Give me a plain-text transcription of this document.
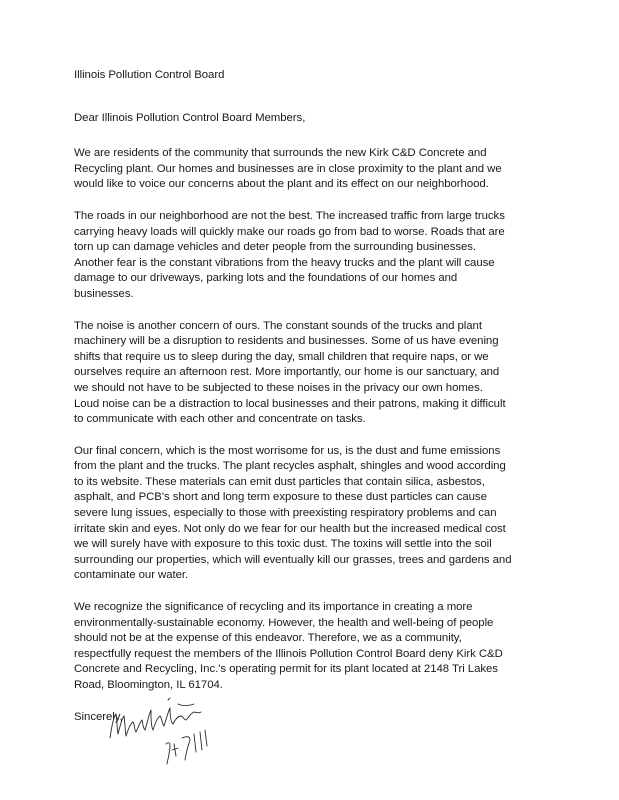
Illinois Pollution Control Board
Dear Illinois Pollution Control Board Members,
We are residents of the community that surrounds the new Kirk C&D Concrete and
Recycling plant. Our homes and businesses are in close proximity to the plant and we
would like to voice our concerns about the plant and its effect on our neighborhood.
The roads in our neighborhood are not the best. The increased traffic from large trucks
carrying heavy loads will quickly make our roads go from bad to worse. Roads that are
torn up can damage vehicles and deter people from the surrounding businesses.
Another fear is the constant vibrations from the heavy trucks and the plant will cause
damage to our driveways, parking lots and the foundations of our homes and
businesses.
The noise is another concern of ours. The constant sounds of the trucks and plant
machinery will be a disruption to residents and businesses. Some of us have evening
shifts that require us to sleep during the day, small children that require naps, or we
ourselves require an afternoon rest. More importantly, our home is our sanctuary, and
we should not have to be subjected to these noises in the privacy our own homes.
Loud noise can be a distraction to local businesses and their patrons, making it difficult
to communicate with each other and concentrate on tasks.
Our final concern, which is the most worrisome for us, is the dust and fume emissions
from the plant and the trucks. The plant recycles asphalt, shingles and wood according
to its website. These materials can emit dust particles that contain silica, asbestos,
asphalt, and PCB's short and long term exposure to these dust particles can cause
severe lung issues, especially to those with preexisting respiratory problems and can
irritate skin and eyes. Not only do we fear for our health but the increased medical cost
we will surely have with exposure to this toxic dust. The toxins will settle into the soil
surrounding our properties, which will eventually kill our grasses, trees and gardens and
contaminate our water.
We recognize the significance of recycling and its importance in creating a more
environmentally-sustainable economy. However, the health and well-being of people
should not be at the expense of this endeavor. Therefore, we as a community,
respectfully request the members of the Illinois Pollution Control Board deny Kirk C&D
Concrete and Recycling, Inc.'s operating permit for its plant located at 2148 Tri Lakes
Road, Bloomington, IL 61704.
Sincerely,
